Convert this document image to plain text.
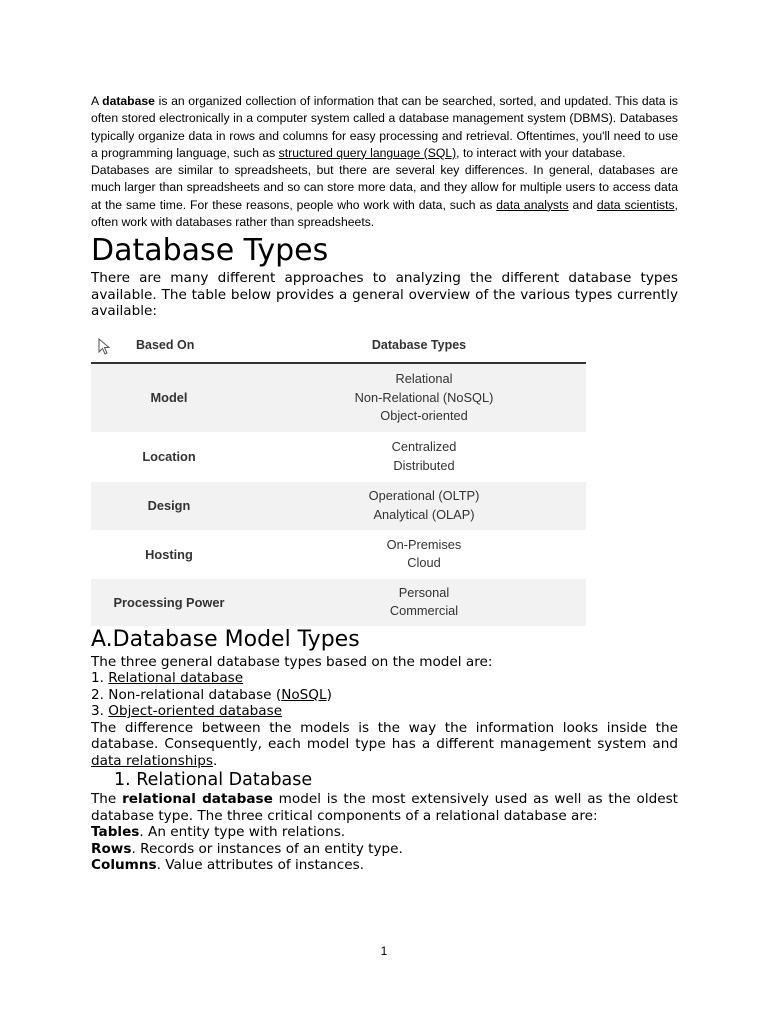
A database is an organized collection of information that can be searched, sorted, and updated. This data is often stored electronically in a computer system called a database management system (DBMS). Databases typically organize data in rows and columns for easy processing and retrieval. Oftentimes, you'll need to use a programming language, such as structured query language (SQL), to interact with your database.

Databases are similar to spreadsheets, but there are several key differences. In general, databases are much larger than spreadsheets and so can store more data, and they allow for multiple users to access data at the same time. For these reasons, people who work with data, such as data analysts and data scientists, often work with databases rather than spreadsheets.

Database Types

There are many different approaches to analyzing the different database types available. The table below provides a general overview of the various types currently available:

Based On	Database Types
Model
Relational
Non-Relational (NoSQL)
Object-oriented
Location
Centralized
Distributed
Design
Operational (OLTP)
Analytical (OLAP)
Hosting
On-Premises
Cloud
Processing Power
Personal
Commercial
A.Database Model Types

The three general database types based on the model are:

1. Relational database

2. Non-relational database (NoSQL)

3. Object-oriented database

The difference between the models is the way the information looks inside the database. Consequently, each model type has a different management system and data relationships.

1. Relational Database

The relational database model is the most extensively used as well as the oldest database type. The three critical components of a relational database are:

Tables. An entity type with relations.

Rows. Records or instances of an entity type.

Columns. Value attributes of instances.

1
